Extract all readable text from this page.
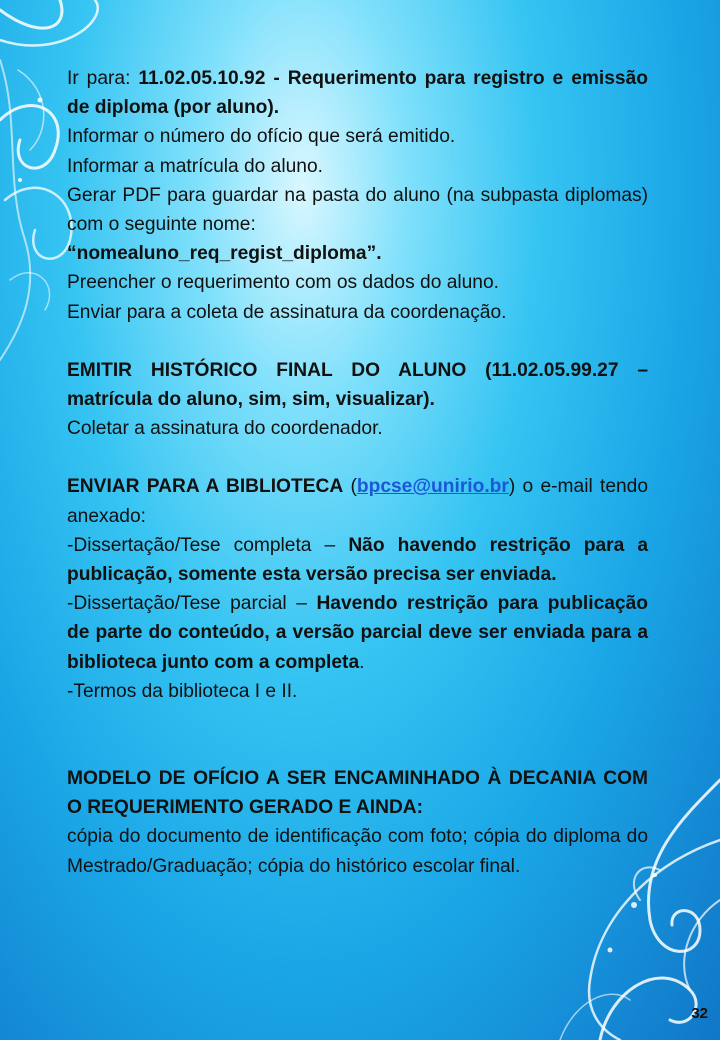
Ir para: 11.02.05.10.92 - Requerimento para registro e emissão de diploma (por aluno).

Informar o número do ofício que será emitido.

Informar a matrícula do aluno.

Gerar PDF para guardar na pasta do aluno (na subpasta diplomas) com o seguinte nome:

“nomealuno_req_regist_diploma”.

Preencher o requerimento com os dados do aluno.

Enviar para a coleta de assinatura da coordenação.

EMITIR HISTÓRICO FINAL DO ALUNO (11.02.05.99.27 – matrícula do aluno, sim, sim, visualizar).

Coletar a assinatura do coordenador.

ENVIAR PARA A BIBLIOTECA (bpcse@unirio.br) o e-mail tendo anexado:

-Dissertação/Tese completa – Não havendo restrição para a publicação, somente esta versão precisa ser enviada.

-Dissertação/Tese parcial – Havendo restrição para publicação de parte do conteúdo, a versão parcial deve ser enviada para a biblioteca junto com a completa.

-Termos da biblioteca I e II.

MODELO DE OFÍCIO A SER ENCAMINHADO À DECANIA COM O REQUERIMENTO GERADO E AINDA:

cópia do documento de identificação com foto; cópia do diploma do Mestrado/Graduação; cópia do histórico escolar final.

32
